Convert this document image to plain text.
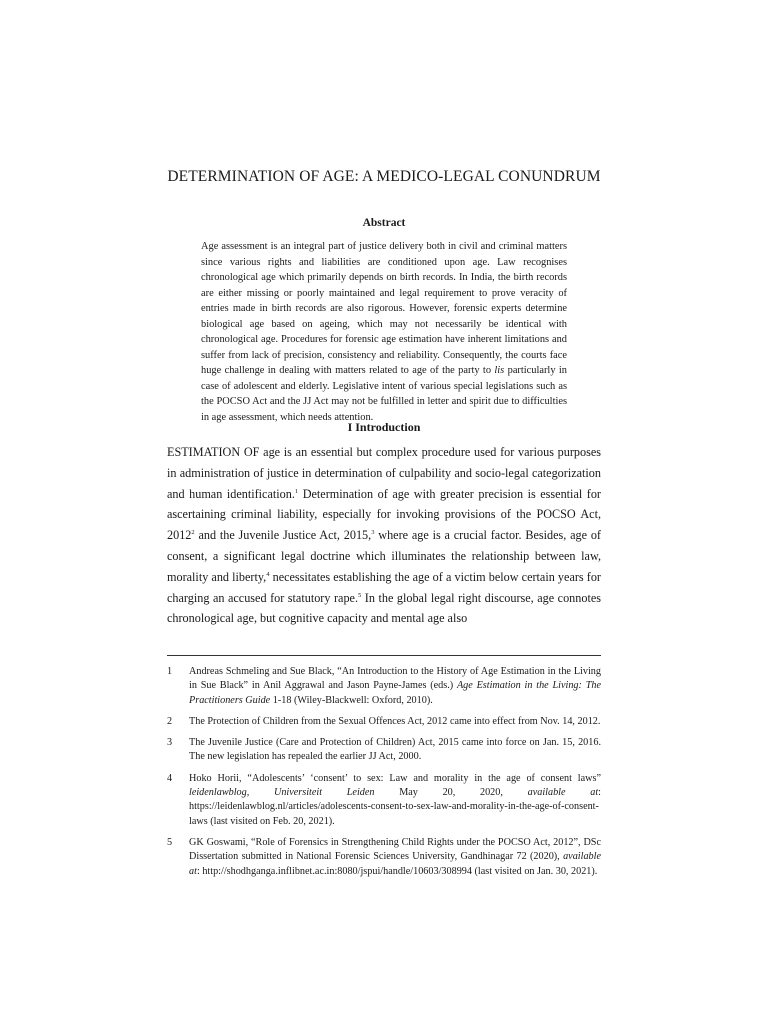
DETERMINATION OF AGE: A MEDICO-LEGAL CONUNDRUM
Abstract

Age assessment is an integral part of justice delivery both in civil and criminal matters since various rights and liabilities are conditioned upon age. Law recognises chronological age which primarily depends on birth records. In India, the birth records are either missing or poorly maintained and legal requirement to prove veracity of entries made in birth records are also rigorous. However, forensic experts determine biological age based on ageing, which may not necessarily be identical with chronological age. Procedures for forensic age estimation have inherent limitations and suffer from lack of precision, consistency and reliability. Consequently, the courts face huge challenge in dealing with matters related to age of the party to lis particularly in case of adolescent and elderly. Legislative intent of various special legislations such as the POCSO Act and the JJ Act may not be fulfilled in letter and spirit due to difficulties in age assessment, which needs attention.

I Introduction

ESTIMATION OF age is an essential but complex procedure used for various purposes in administration of justice in determination of culpability and socio-legal categorization and human identification.$^1$ Determination of age with greater precision is essential for ascertaining criminal liability, especially for invoking provisions of the POCSO Act, 2012$^2$ and the Juvenile Justice Act, 2015,$^3$ where age is a crucial factor. Besides, age of consent, a significant legal doctrine which illuminates the relationship between law, morality and liberty,$^4$ necessitates establishing the age of a victim below certain years for charging an accused for statutory rape.$^5$ In the global legal right discourse, age connotes chronological age, but cognitive capacity and mental age also

1	Andreas Schmeling and Sue Black, “An Introduction to the History of Age Estimation in the Living in Sue Black” in Anil Aggrawal and Jason Payne-James (eds.) Age Estimation in the Living: The Practitioners Guide 1-18 (Wiley-Blackwell: Oxford, 2010).
2	The Protection of Children from the Sexual Offences Act, 2012 came into effect from Nov. 14, 2012.
3	The Juvenile Justice (Care and Protection of Children) Act, 2015 came into force on Jan. 15, 2016. The new legislation has repealed the earlier JJ Act, 2000.
4	Hoko Horii, “Adolescents’ ‘consent’ to sex: Law and morality in the age of consent laws” leidenlawblog, Universiteit Leiden May 20, 2020, available at: https://leidenlawblog.nl/articles/adolescents-consent-to-sex-law-and-morality-in-the-age-of-consent-laws (last visited on Feb. 20, 2021).
5	GK Goswami, “Role of Forensics in Strengthening Child Rights under the POCSO Act, 2012”, DSc Dissertation submitted in National Forensic Sciences University, Gandhinagar 72 (2020), available at: http://shodhganga.inflibnet.ac.in:8080/jspui/handle/10603/308994 (last visited on Jan. 30, 2021).
